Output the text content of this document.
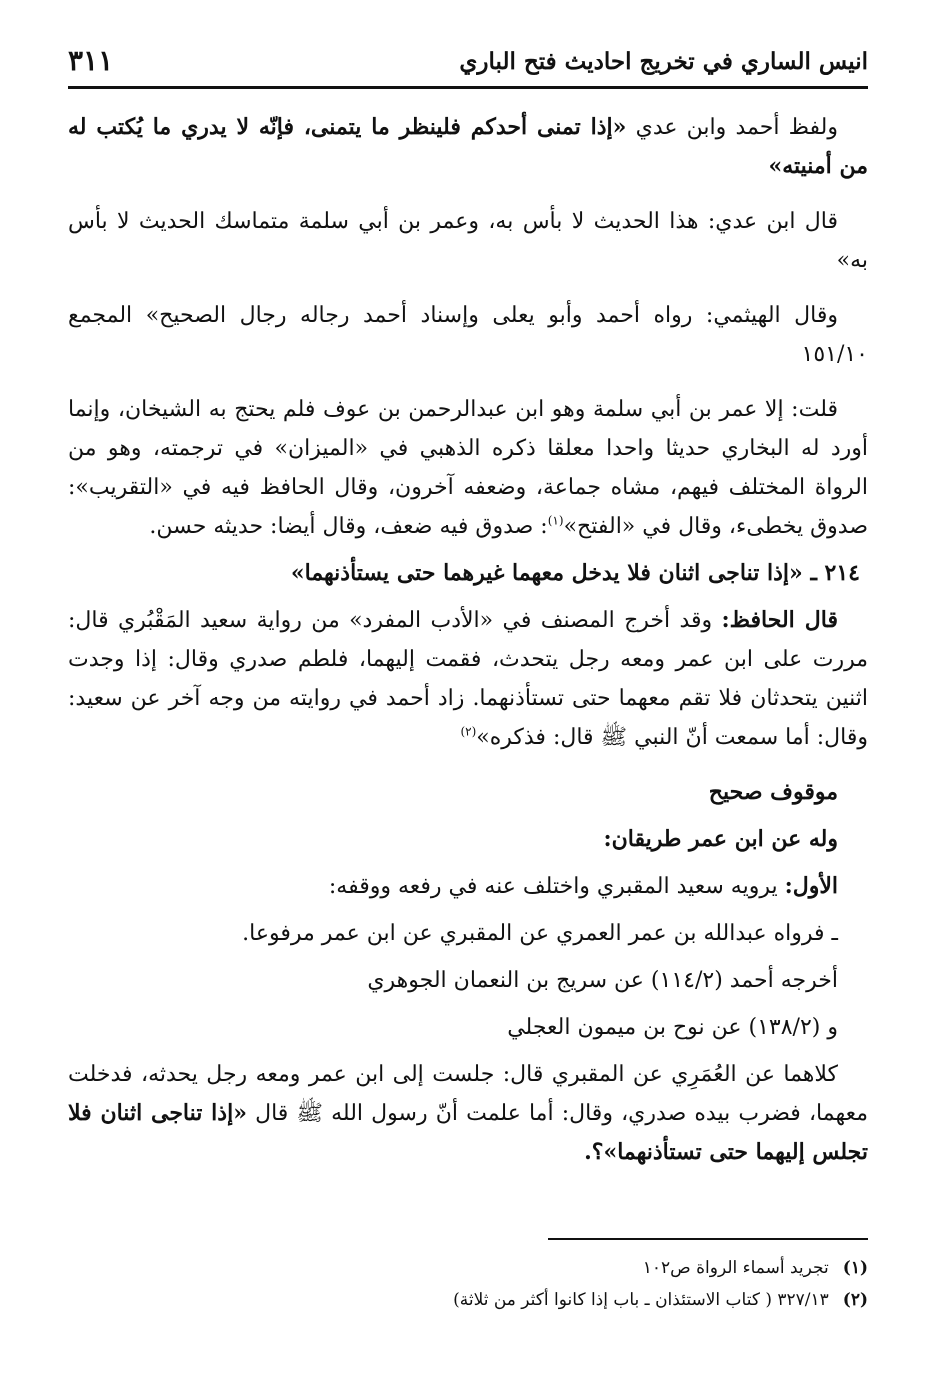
انيس الساري في تخريج احاديث فتح الباري
٣١١

ولفظ أحمد وابن عدي «إذا تمنى أحدكم فلينظر ما يتمنى، فإنّه لا يدري ما يُكتب له من أمنيته»

قال ابن عدي: هذا الحديث لا بأس به، وعمر بن أبي سلمة متماسك الحديث لا بأس به»

وقال الهيثمي: رواه أحمد وأبو يعلى وإسناد أحمد رجاله رجال الصحيح» المجمع ١٥١/١٠

قلت: إلا عمر بن أبي سلمة وهو ابن عبدالرحمن بن عوف فلم يحتج به الشيخان، وإنما أورد له البخاري حديثا واحدا معلقا ذكره الذهبي في «الميزان» في ترجمته، وهو من الرواة المختلف فيهم، مشاه جماعة، وضعفه آخرون، وقال الحافظ فيه في «التقريب»: صدوق يخطىء، وقال في «الفتح»$^{(١)}$: صدوق فيه ضعف، وقال أيضا: حديثه حسن.

٢١٤ ـ «إذا تناجى اثنان فلا يدخل معهما غيرهما حتى يستأذنهما»

قال الحافظ: وقد أخرج المصنف في «الأدب المفرد» من رواية سعيد المَقْبُري قال: مررت على ابن عمر ومعه رجل يتحدث، فقمت إليهما، فلطم صدري وقال: إذا وجدت اثنين يتحدثان فلا تقم معهما حتى تستأذنهما. زاد أحمد في روايته من وجه آخر عن سعيد: وقال: أما سمعت أنّ النبي ﷺ قال: فذكره»$^{(٢)}$

موقوف صحيح

وله عن ابن عمر طريقان:

الأول: يرويه سعيد المقبري واختلف عنه في رفعه ووقفه:

ـ فرواه عبدالله بن عمر العمري عن المقبري عن ابن عمر مرفوعا.

أخرجه أحمد (١١٤/٢) عن سريج بن النعمان الجوهري

و (١٣٨/٢) عن نوح بن ميمون العجلي

كلاهما عن العُمَرِي عن المقبري قال: جلست إلى ابن عمر ومعه رجل يحدثه، فدخلت معهما، فضرب بيده صدري، وقال: أما علمت أنّ رسول الله ﷺ قال «إذا تناجى اثنان فلا تجلس إليهما حتى تستأذنهما»؟.

(١)تجريد أسماء الرواة ص١٠٢
(٢)٣٢٧/١٣ ( كتاب الاستئذان ـ باب إذا كانوا أكثر من ثلاثة)
